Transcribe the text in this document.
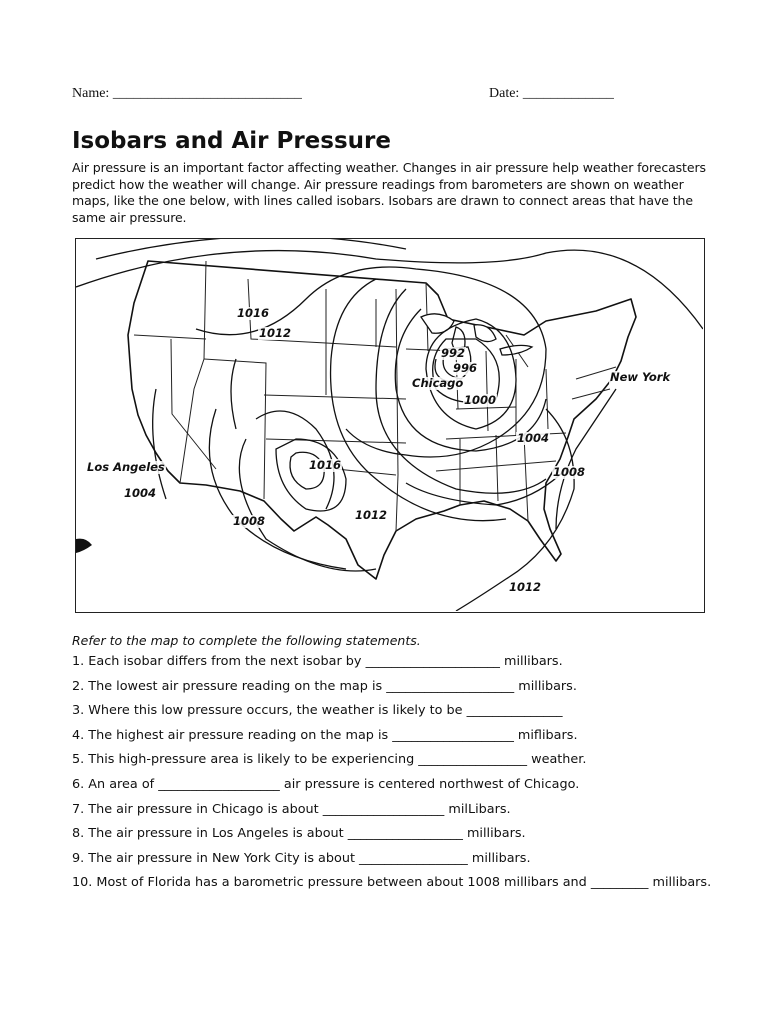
Name: ___________________________	Date: _____________
Isobars and Air Pressure

Air pressure is an important factor affecting weather. Changes in air pressure help weather forecasters predict how the weather will change. Air pressure readings from barometers are shown on weather maps, like the one below, with lines called isobars. Isobars are drawn to connect areas that have the same air pressure.

1016
1012
992
996
Chicago	New York
1000
1004
1008
Los Angeles
1004
1016
1008	1012
1012

Refer to the map to complete the following statements.

1. Each isobar differs from the next isobar by _____________________ millibars.
2. The lowest air pressure reading on the map is ____________________ millibars.
3. Where this low pressure occurs, the weather is likely to be _______________
4. The highest air pressure reading on the map is ___________________ miflibars.
5. This high-pressure area is likely to be experiencing _________________ weather.
6. An area of ___________________ air pressure is centered northwest of Chicago.
7. The air pressure in Chicago is about ___________________ milLibars.
8. The air pressure in Los Angeles is about __________________ millibars.
9. The air pressure in New York City is about _________________ millibars.
10. Most of Florida has a barometric pressure between about 1008 millibars and _________ millibars.
